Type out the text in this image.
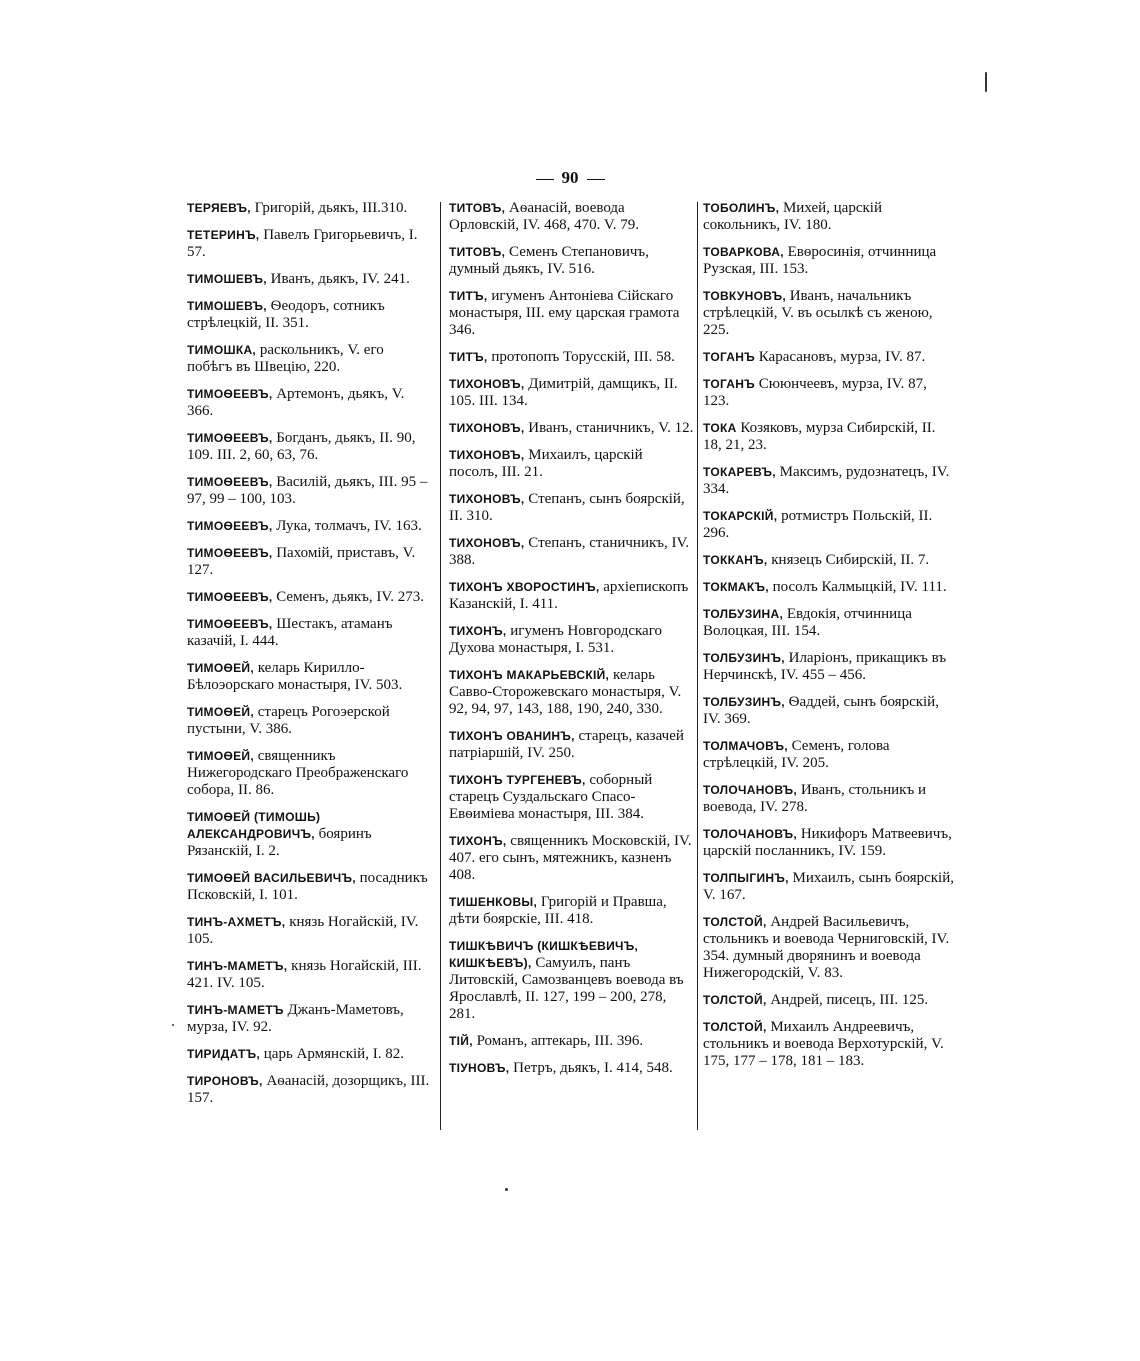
90
ТЕРЯЕВЪ, Григорій, дьякъ, III.310.
ТЕТЕРИНЪ, Павелъ Григорьевичъ, I. 57.
ТИМОШЕВЪ, Иванъ, дьякъ, IV. 241.
ТИМОШЕВЪ, Ѳеодоръ, сотникъ стрѣлецкій, II. 351.
ТИМОШКА, раскольникъ, V. его побѣгъ въ Швецію, 220.
ТИМОѲЕЕВЪ, Артемонъ, дьякъ, V. 366.
ТИМОѲЕЕВЪ, Богданъ, дьякъ, II. 90, 109. III. 2, 60, 63, 76.
ТИМОѲЕЕВЪ, Василій, дьякъ, III. 95 – 97, 99 – 100, 103.
ТИМОѲЕЕВЪ, Лука, толмачъ, IV. 163.
ТИМОѲЕЕВЪ, Пахомій, приставъ, V. 127.
ТИМОѲЕЕВЪ, Семенъ, дьякъ, IV. 273.
ТИМОѲЕЕВЪ, Шестакъ, атаманъ казачій, I. 444.
ТИМОѲЕЙ, келарь Кирилло-Бѣлоэорскаго монастыря, IV. 503.
ТИМОѲЕЙ, старецъ Рогоэерской пустыни, V. 386.
ТИМОѲЕЙ, священникъ Нижегородскаго Преображенскаго собора, II. 86.
ТИМОѲЕЙ (ТИМОШЬ) АЛЕКСАНДРОВИЧЪ, бояринъ Рязанскій, I. 2.
ТИМОѲЕЙ ВАСИЛЬЕВИЧЪ, посадникъ Псковскій, I. 101.
ТИНЪ-АХМЕТЪ, князь Ногайскій, IV. 105.
ТИНЪ-МАМЕТЪ, князь Ногайскій, III. 421. IV. 105.
ТИНЪ-МАМЕТЪ Джанъ-Маметовъ, мурза, IV. 92.
ТИРИДАТЪ, царь Армянскій, I. 82.
ТИРОНОВЪ, Аѳанасій, дозорщикъ, III. 157.
ТИТОВЪ, Аѳанасій, воевода Орловскій, IV. 468, 470. V. 79.
ТИТОВЪ, Семенъ Степановичъ, думный дьякъ, IV. 516.
ТИТЪ, игуменъ Антоніева Сійскаго монастыря, III. ему царская грамота 346.
ТИТЪ, протопопъ Торусскій, III. 58.
ТИХОНОВЪ, Димитрій, дамщикъ, II. 105. III. 134.
ТИХОНОВЪ, Иванъ, станичникъ, V. 12.
ТИХОНОВЪ, Михаилъ, царскій посолъ, III. 21.
ТИХОНОВЪ, Степанъ, сынъ боярскій, II. 310.
ТИХОНОВЪ, Степанъ, станичникъ, IV. 388.
ТИХОНЪ ХВОРОСТИНЪ, архіепископъ Казанскій, I. 411.
ТИХОНЪ, игуменъ Новгородскаго Духова монастыря, I. 531.
ТИХОНЪ МАКАРЬЕВСКІЙ, келарь Савво-Сторожевскаго монастыря, V. 92, 94, 97, 143, 188, 190, 240, 330.
ТИХОНЪ ОВАНИНЪ, старецъ, казачей патріаршій, IV. 250.
ТИХОНЪ ТУРГЕНЕВЪ, соборный старецъ Суздальскаго Спасо-Евѳиміева монастыря, III. 384.
ТИХОНЪ, священникъ Московскій, IV. 407. его сынъ, мятежникъ, казненъ 408.
ТИШЕНКОВЫ, Григорій и Правша, дѣти боярскіе, III. 418.
ТИШКѢВИЧЪ (КИШКѢЕВИЧЪ, КИШКѢЕВЪ), Самуилъ, панъ Литовскій, Самозванцевъ воевода въ Ярославлѣ, II. 127, 199 – 200, 278, 281.
ТІЙ, Романъ, аптекарь, III. 396.
ТІУНОВЪ, Петръ, дьякъ, I. 414, 548.
ТОБОЛИНЪ, Михей, царскій сокольникъ, IV. 180.
ТОВАРКОВА, Евѳросинія, отчинница Рузская, III. 153.
ТОВКУНОВЪ, Иванъ, начальникъ стрѣлецкій, V. въ осылкѣ съ женою, 225.
ТОГАНЪ Карасановъ, мурза, IV. 87.
ТОГАНЪ Сююнчеевъ, мурза, IV. 87, 123.
ТОКА Козяковъ, мурза Сибирскій, II. 18, 21, 23.
ТОКАРЕВЪ, Максимъ, рудознатецъ, IV. 334.
ТОКАРСКІЙ, ротмистръ Польскій, II. 296.
ТОККАНЪ, князецъ Сибирскій, II. 7.
ТОКМАКЪ, посолъ Калмыцкій, IV. 111.
ТОЛБУЗИНА, Евдокія, отчинница Волоцкая, III. 154.
ТОЛБУЗИНЪ, Иларіонъ, прикащикъ въ Нерчинскѣ, IV. 455 – 456.
ТОЛБУЗИНЪ, Ѳаддей, сынъ боярскій, IV. 369.
ТОЛМАЧОВЪ, Семенъ, голова стрѣлецкій, IV. 205.
ТОЛОЧАНОВЪ, Иванъ, стольникъ и воевода, IV. 278.
ТОЛОЧАНОВЪ, Никифоръ Матвеевичъ, царскій посланникъ, IV. 159.
ТОЛПЫГИНЪ, Михаилъ, сынъ боярскій, V. 167.
ТОЛСТОЙ, Андрей Васильевичъ, стольникъ и воевода Черниговскій, IV. 354. думный дворянинъ и воевода Нижегородскій, V. 83.
ТОЛСТОЙ, Андрей, писецъ, III. 125.
ТОЛСТОЙ, Михаилъ Андреевичъ, стольникъ и воевода Верхотурскій, V. 175, 177 – 178, 181 – 183.
